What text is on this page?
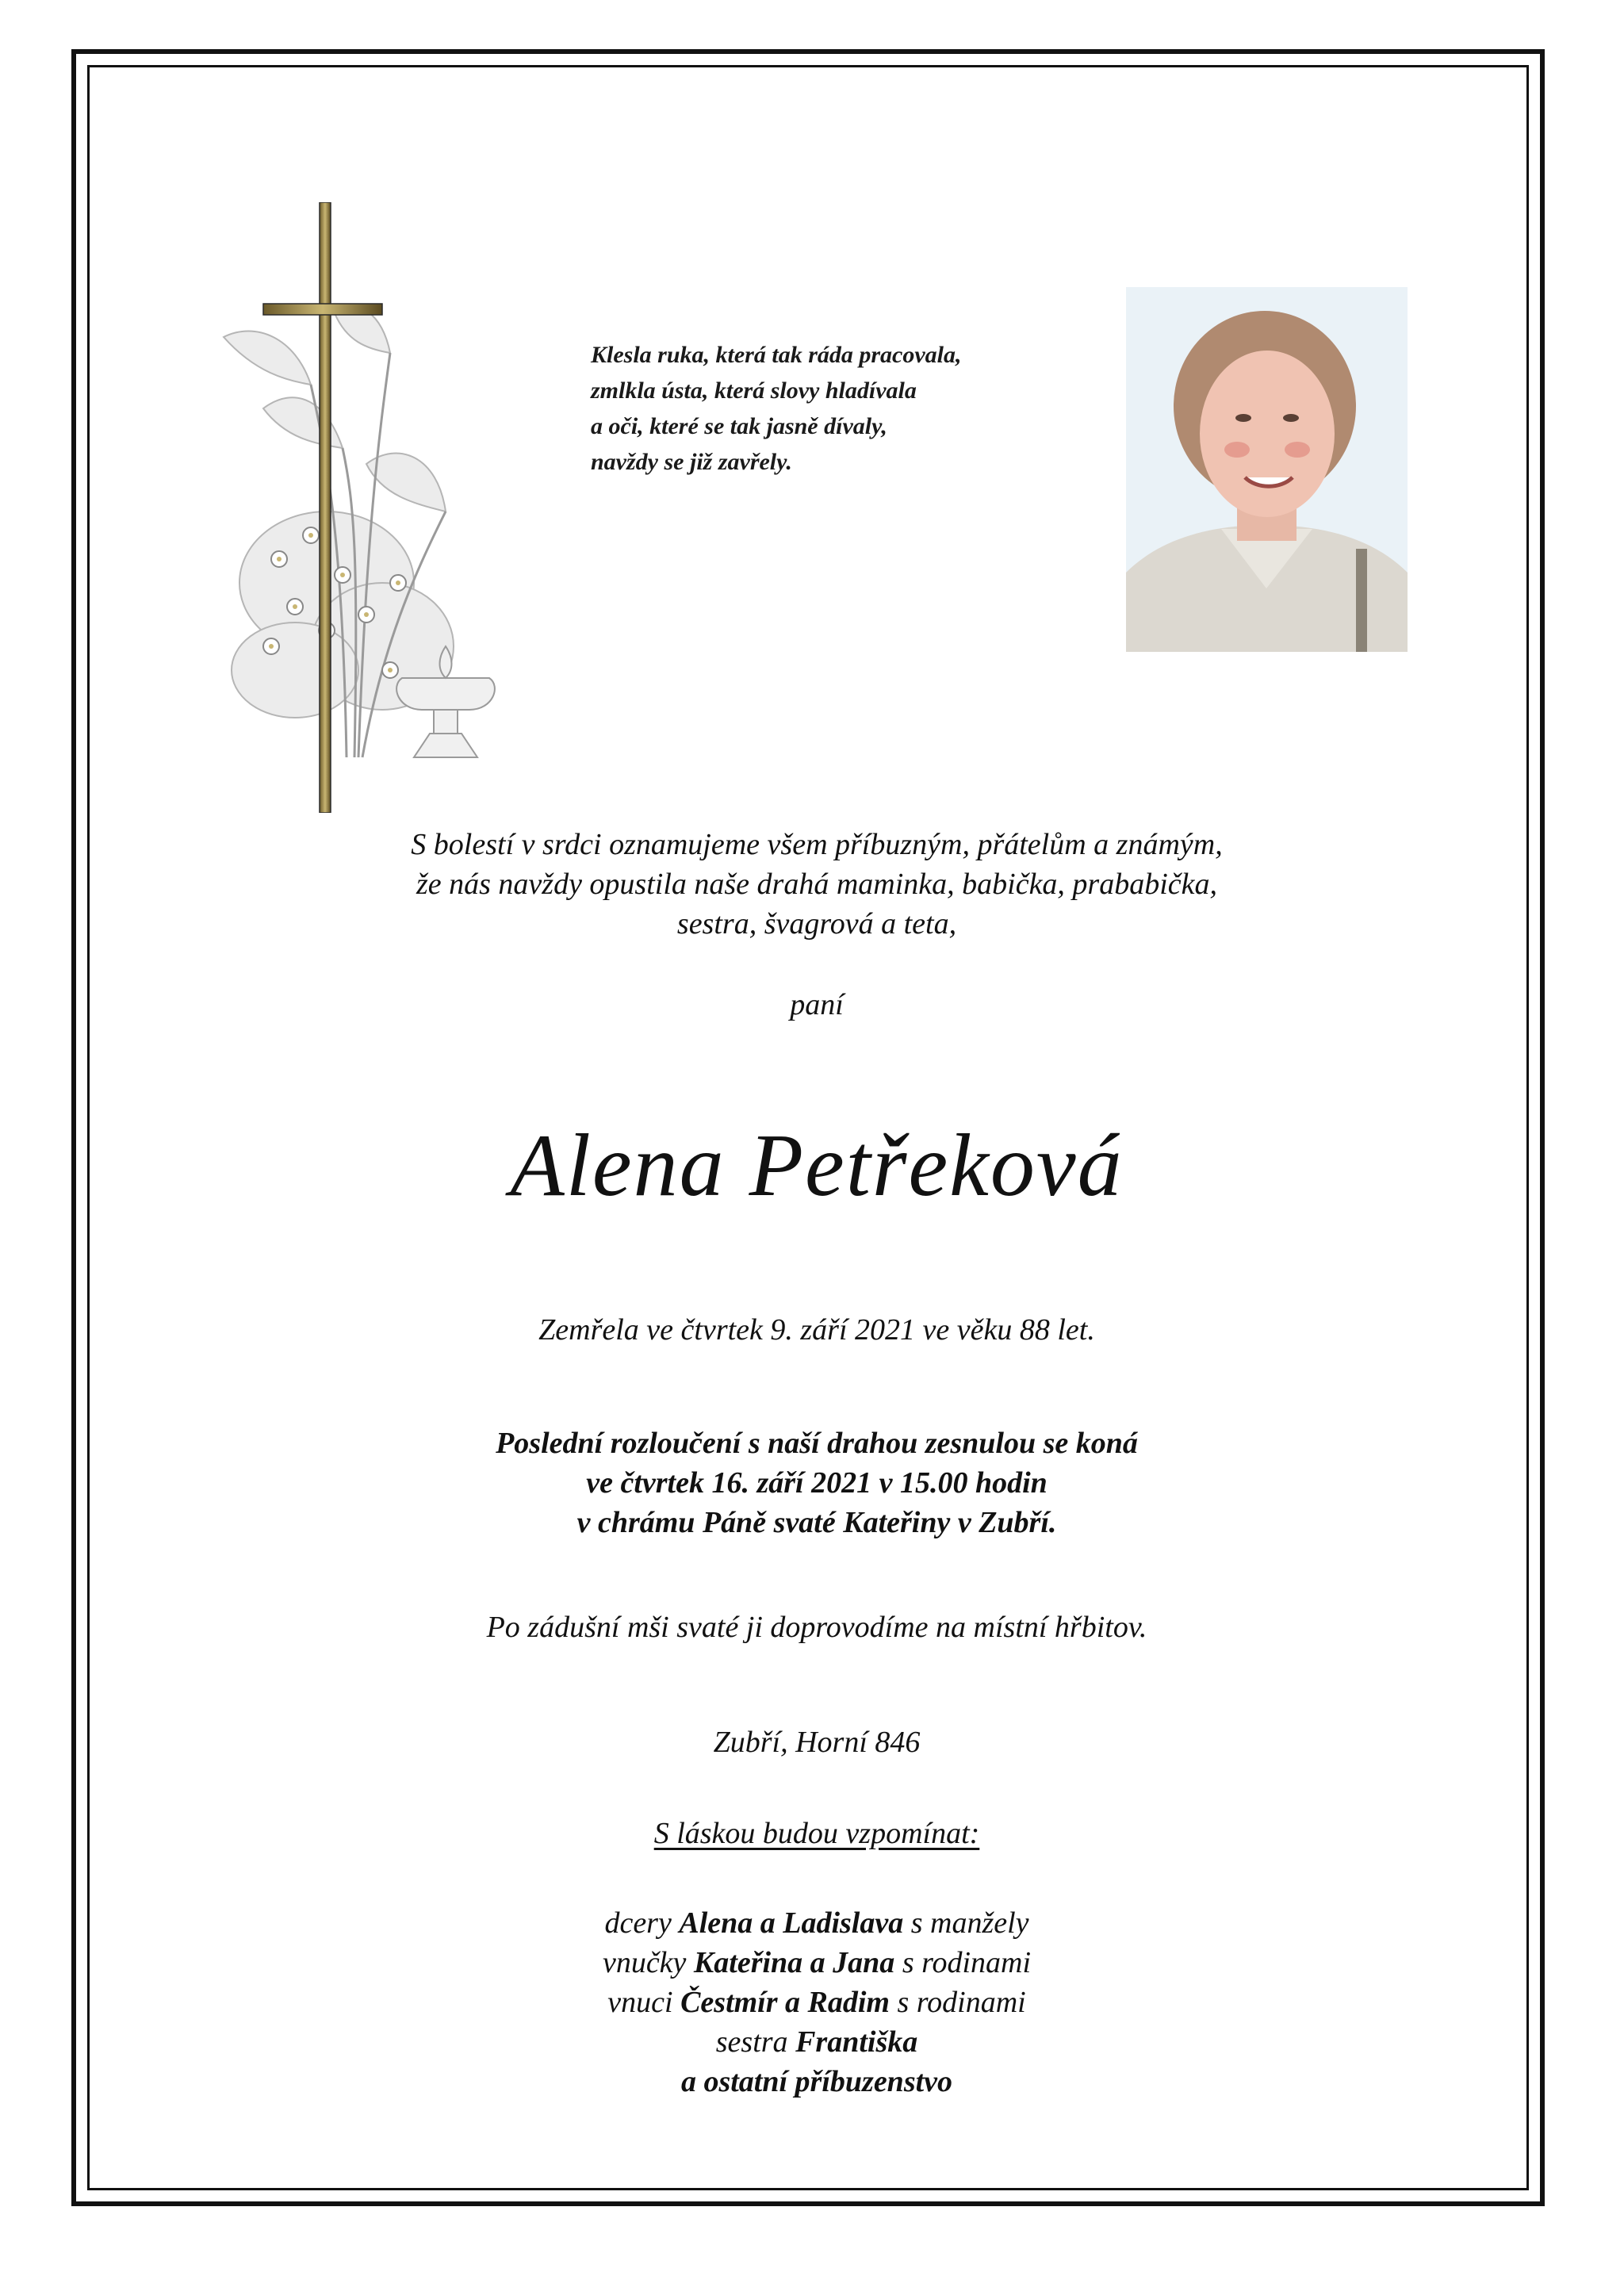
Klesla ruka, která tak ráda pracovala,
zmlkla ústa, která slovy hladívala
a oči, které se tak jasně dívaly,
navždy se již zavřely.
S bolestí v srdci oznamujeme všem příbuzným, přátelům a známým,
že nás navždy opustila naše drahá maminka, babička, prababička,
sestra, švagrová a teta,
paní
Alena Petřeková
Zemřela ve čtvrtek 9. září 2021 ve věku 88 let.
Poslední rozloučení s naší drahou zesnulou se koná
ve čtvrtek 16. září 2021 v 15.00 hodin
v chrámu Páně svaté Kateřiny v Zubří.
Po zádušní mši svaté ji doprovodíme na místní hřbitov.
Zubří, Horní 846
S láskou budou vzpomínat:
dcery Alena a Ladislava s manžely
vnučky Kateřina a Jana s rodinami
vnuci Čestmír a Radim s rodinami
sestra Františka
a ostatní příbuzenstvo
